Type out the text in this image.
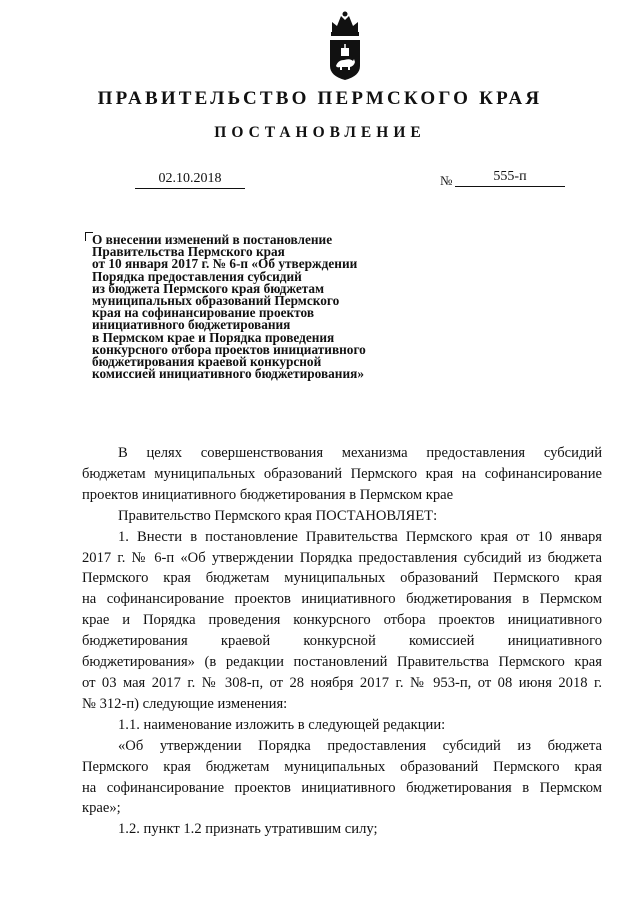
ПРАВИТЕЛЬСТВО ПЕРМСКОГО КРАЯ
ПОСТАНОВЛЕНИЕ
02.10.2018	№	555-п
О внесении изменений в постановление
Правительства Пермского края
от 10 января 2017 г. № 6-п «Об утверждении
Порядка предоставления субсидий
из бюджета Пермского края бюджетам
муниципальных образований Пермского
края на софинансирование проектов
инициативного бюджетирования
в Пермском крае и Порядка проведения
конкурсного отбора проектов инициативного
бюджетирования краевой конкурсной
комиссией инициативного бюджетирования»
В целях совершенствования механизма предоставления субсидий
бюджетам муниципальных образований Пермского края на софинансирование
проектов инициативного бюджетирования в Пермском крае
Правительство Пермского края ПОСТАНОВЛЯЕТ:
1. Внести в постановление Правительства Пермского края от 10 января
2017 г. № 6-п «Об утверждении Порядка предоставления субсидий из бюджета
Пермского края бюджетам муниципальных образований Пермского края
на софинансирование проектов инициативного бюджетирования в Пермском
крае и Порядка проведения конкурсного отбора проектов инициативного
бюджетирования краевой конкурсной комиссией инициативного
бюджетирования» (в редакции постановлений Правительства Пермского края
от 03 мая 2017 г. № 308-п, от 28 ноября 2017 г. № 953-п, от 08 июня 2018 г.
№ 312-п) следующие изменения:
1.1. наименование изложить в следующей редакции:
«Об утверждении Порядка предоставления субсидий из бюджета
Пермского края бюджетам муниципальных образований Пермского края
на софинансирование проектов инициативного бюджетирования в Пермском
крае»;
1.2. пункт 1.2 признать утратившим силу;
